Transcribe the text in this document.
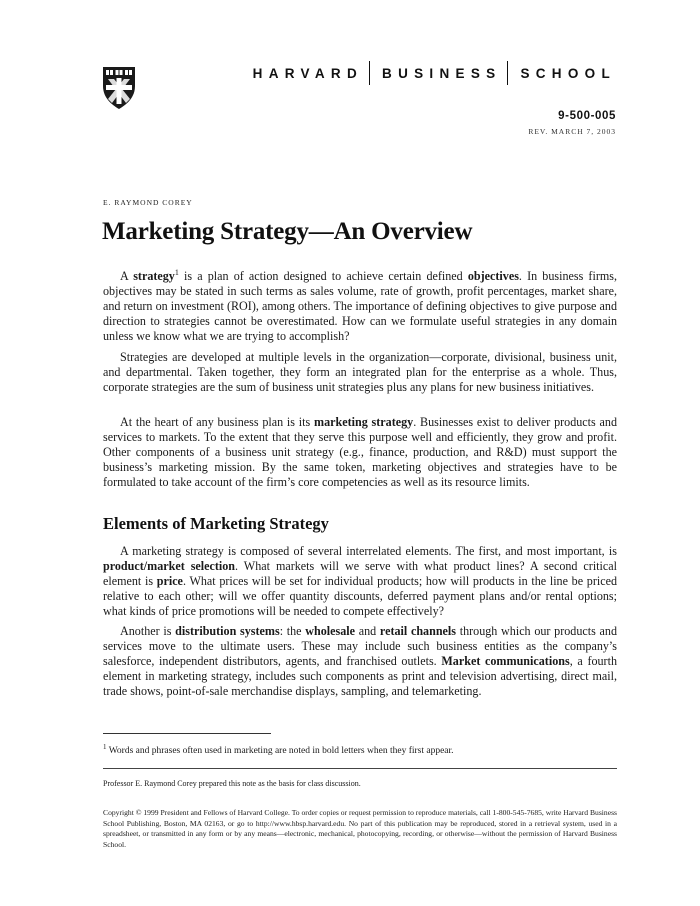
HARVARD BUSINESS SCHOOL
9-500-005
REV. MARCH 7, 2003
E. RAYMOND COREY
Marketing Strategy—An Overview

A strategy$^1$ is a plan of action designed to achieve certain defined objectives. In business firms, objectives may be stated in such terms as sales volume, rate of growth, profit percentages, market share, and return on investment (ROI), among others. The importance of defining objectives to give purpose and direction to strategies cannot be overestimated. How can we formulate useful strategies in any domain unless we know what we are trying to accomplish?

Strategies are developed at multiple levels in the organization—corporate, divisional, business unit, and departmental. Taken together, they form an integrated plan for the enterprise as a whole. Thus, corporate strategies are the sum of business unit strategies plus any plans for new business initiatives.

At the heart of any business plan is its marketing strategy. Businesses exist to deliver products and services to markets. To the extent that they serve this purpose well and efficiently, they grow and profit. Other components of a business unit strategy (e.g., finance, production, and R&D) must support the business’s marketing mission. By the same token, marketing objectives and strategies have to be formulated to take account of the firm’s core competencies as well as its resource limits.

Elements of Marketing Strategy

A marketing strategy is composed of several interrelated elements. The first, and most important, is product/market selection. What markets will we serve with what product lines? A second critical element is price. What prices will be set for individual products; how will products in the line be priced relative to each other; will we offer quantity discounts, deferred payment plans and/or rental options; what kinds of price promotions will be needed to compete effectively?

Another is distribution systems: the wholesale and retail channels through which our products and services move to the ultimate users. These may include such business entities as the company’s salesforce, independent distributors, agents, and franchised outlets. Market communications, a fourth element in marketing strategy, includes such components as print and television advertising, direct mail, trade shows, point-of-sale merchandise displays, sampling, and telemarketing.

$^1$ Words and phrases often used in marketing are noted in bold letters when they first appear.
Professor E. Raymond Corey prepared this note as the basis for class discussion.

Copyright © 1999 President and Fellows of Harvard College. To order copies or request permission to reproduce materials, call 1-800-545-7685, write Harvard Business School Publishing, Boston, MA 02163, or go to http://www.hbsp.harvard.edu. No part of this publication may be reproduced, stored in a retrieval system, used in a spreadsheet, or transmitted in any form or by any means—electronic, mechanical, photocopying, recording, or otherwise—without the permission of Harvard Business School.
